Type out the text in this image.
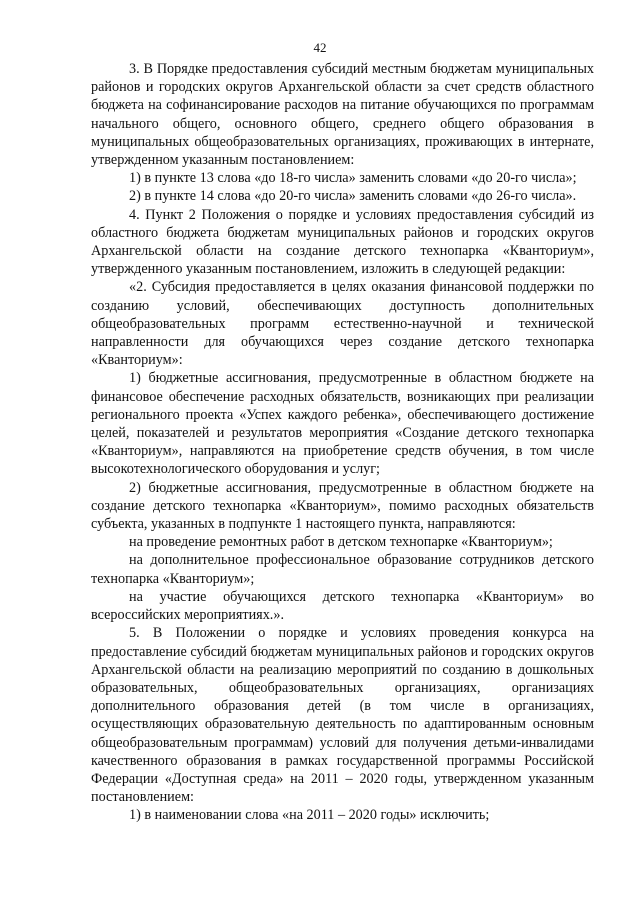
42

3. В Порядке предоставления субсидий местным бюджетам муниципальных районов и городских округов Архангельской области за счет средств областного бюджета на софинансирование расходов на питание обучающихся по программам начального общего, основного общего, среднего общего образования в муниципальных общеобразовательных организациях, проживающих в интернате, утвержденном указанным постановлением:

1) в пункте 13 слова «до 18-го числа» заменить словами «до 20-го числа»;

2) в пункте 14 слова «до 20-го числа» заменить словами «до 26-го числа».

4. Пункт 2 Положения о порядке и условиях предоставления субсидий из областного бюджета бюджетам муниципальных районов и городских округов Архангельской области на создание детского технопарка «Кванториум», утвержденного указанным постановлением, изложить в следующей редакции:

«2. Субсидия предоставляется в целях оказания финансовой поддержки по созданию условий, обеспечивающих доступность дополнительных общеобразовательных программ естественно-научной и технической направленности для обучающихся через создание детского технопарка «Кванториум»:

1) бюджетные ассигнования, предусмотренные в областном бюджете на финансовое обеспечение расходных обязательств, возникающих при реализации регионального проекта «Успех каждого ребенка», обеспечивающего достижение целей, показателей и результатов мероприятия «Создание детского технопарка «Кванториум», направляются на приобретение средств обучения, в том числе высокотехнологического оборудования и услуг;

2) бюджетные ассигнования, предусмотренные в областном бюджете на создание детского технопарка «Кванториум», помимо расходных обязательств субъекта, указанных в подпункте 1 настоящего пункта, направляются:

на проведение ремонтных работ в детском технопарке «Кванториум»;

на дополнительное профессиональное образование сотрудников детского технопарка «Кванториум»;

на участие обучающихся детского технопарка «Кванториум» во всероссийских мероприятиях.».

5. В Положении о порядке и условиях проведения конкурса на предоставление субсидий бюджетам муниципальных районов и городских округов Архангельской области на реализацию мероприятий по созданию в дошкольных образовательных, общеобразовательных организациях, организациях дополнительного образования детей (в том числе в организациях, осуществляющих образовательную деятельность по адаптированным основным общеобразовательным программам) условий для получения детьми-инвалидами качественного образования в рамках государственной программы Российской Федерации «Доступная среда» на 2011 – 2020 годы, утвержденном указанным постановлением:

1) в наименовании слова «на 2011 – 2020 годы» исключить;
